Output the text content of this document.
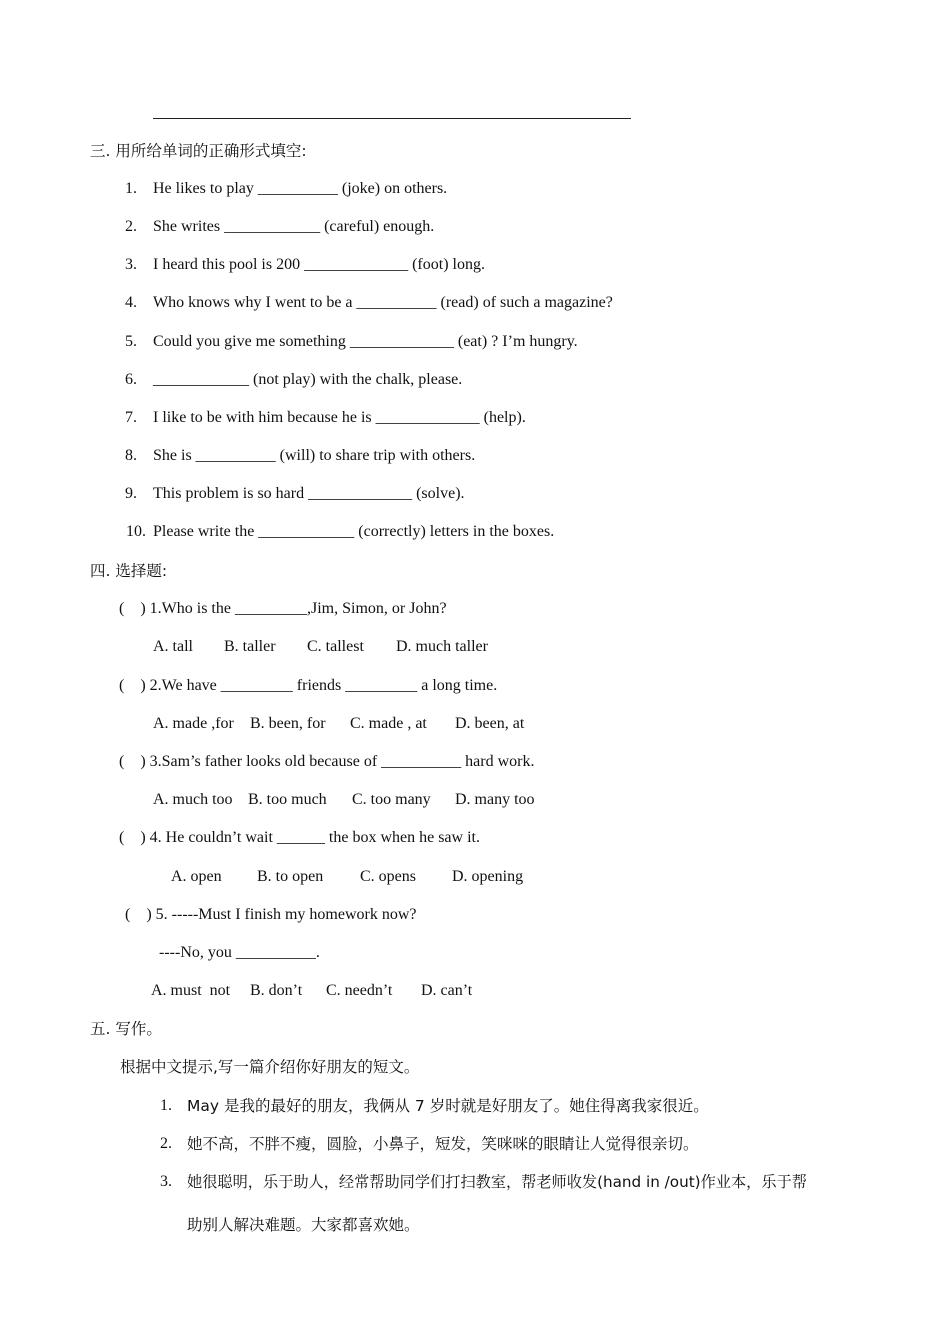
三. 用所给单词的正确形式填空:
1. He likes to play __________ (joke) on others.
2. She writes ____________ (careful) enough.
3. I heard this pool is 200 _____________ (foot) long.
4. Who knows why I went to be a __________ (read) of such a magazine?
5. Could you give me something _____________ (eat) ? I’m hungry.
6. ____________ (not play) with the chalk, please.
7. I like to be with him because he is _____________ (help).
8. She is __________ (will) to share trip with others.
9. This problem is so hard _____________ (solve).
10. Please write the ____________ (correctly) letters in the boxes.
四. 选择题:
(    ) 1.Who is the _________,Jim, Simon, or John?
A. tall B. taller C. tallest D. much taller
(    ) 2.We have _________ friends _________ a long time.
A. made ,for B. been, for C. made , at D. been, at
(    ) 3.Sam’s father looks old because of __________ hard work.
A. much too B. too much C. too many D. many too
(    ) 4. He couldn’t wait ______ the box when he saw it.
A. open B. to open C. opens D. opening
(    ) 5. -----Must I finish my homework now?
----No, you __________.
A. must  not B. don’t C. needn’t D. can’t
五. 写作。
根据中文提示,写一篇介绍你好朋友的短文。
1. May 是我的最好的朋友，我俩从 7 岁时就是好朋友了。她住得离我家很近。
2. 她不高，不胖不瘦，圆脸，小鼻子，短发，笑咪咪的眼睛让人觉得很亲切。
3. 她很聪明，乐于助人，经常帮助同学们打扫教室，帮老师收发(hand in /out)作业本，乐于帮
助别人解决难题。大家都喜欢她。
